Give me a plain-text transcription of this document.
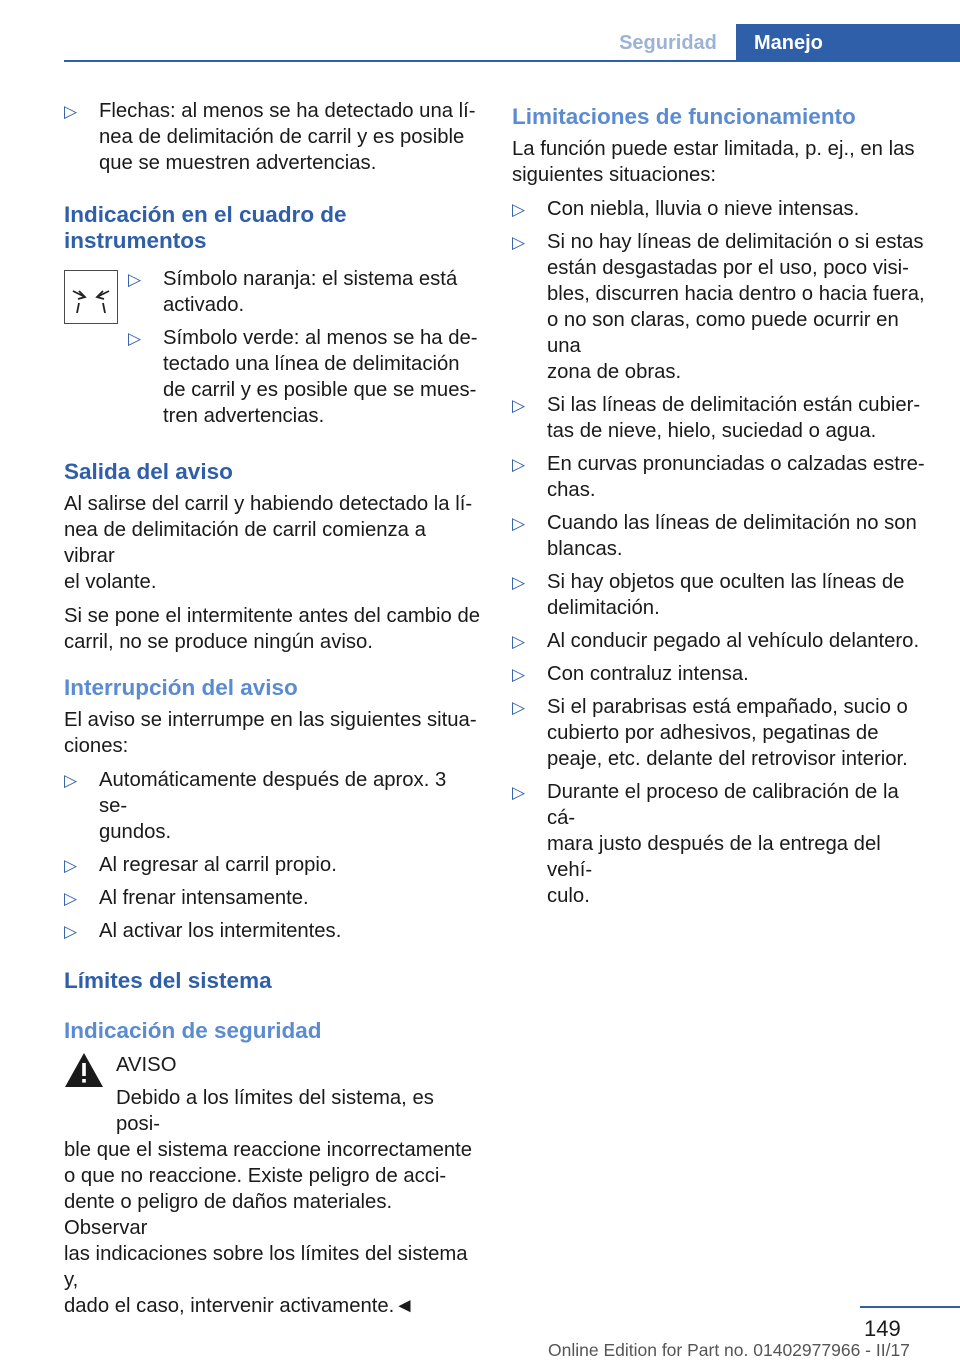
Seguridad	Manejo
▷ Flechas: al menos se ha detectado una lí-
nea de delimitación de carril y es posible
que se muestren advertencias.
Indicación en el cuadro de
instrumentos
▷ Símbolo naranja: el sistema está
activado.
▷ Símbolo verde: al menos se ha de-
tectado una línea de delimitación
de carril y es posible que se mues-
tren advertencias.
Salida del aviso

Al salirse del carril y habiendo detectado la lí-
nea de delimitación de carril comienza a vibrar
el volante.

Si se pone el intermitente antes del cambio de
carril, no se produce ningún aviso.

Interrupción del aviso

El aviso se interrumpe en las siguientes situa-
ciones:

▷ Automáticamente después de aprox. 3 se-
gundos.
▷ Al regresar al carril propio.
▷ Al frenar intensamente.
▷ Al activar los intermitentes.
Límites del sistema
Indicación de seguridad
AVISO
Debido a los límites del sistema, es posi-

ble que el sistema reaccione incorrectamente
o que no reaccione. Existe peligro de acci-
dente o peligro de daños materiales. Observar
las indicaciones sobre los límites del sistema y,
dado el caso, intervenir activamente.◄

Limitaciones de funcionamiento

La función puede estar limitada, p. ej., en las
siguientes situaciones:

▷ Con niebla, lluvia o nieve intensas.
▷ Si no hay líneas de delimitación o si estas
están desgastadas por el uso, poco visi-
bles, discurren hacia dentro o hacia fuera,
o no son claras, como puede ocurrir en una
zona de obras.
▷ Si las líneas de delimitación están cubier-
tas de nieve, hielo, suciedad o agua.
▷ En curvas pronunciadas o calzadas estre-
chas.
▷ Cuando las líneas de delimitación no son
blancas.
▷ Si hay objetos que oculten las líneas de
delimitación.
▷ Al conducir pegado al vehículo delantero.
▷ Con contraluz intensa.
▷ Si el parabrisas está empañado, sucio o
cubierto por adhesivos, pegatinas de
peaje, etc. delante del retrovisor interior.
▷ Durante el proceso de calibración de la cá-
mara justo después de la entrega del vehí-
culo.
149
Online Edition for Part no. 01402977966 - II/17
